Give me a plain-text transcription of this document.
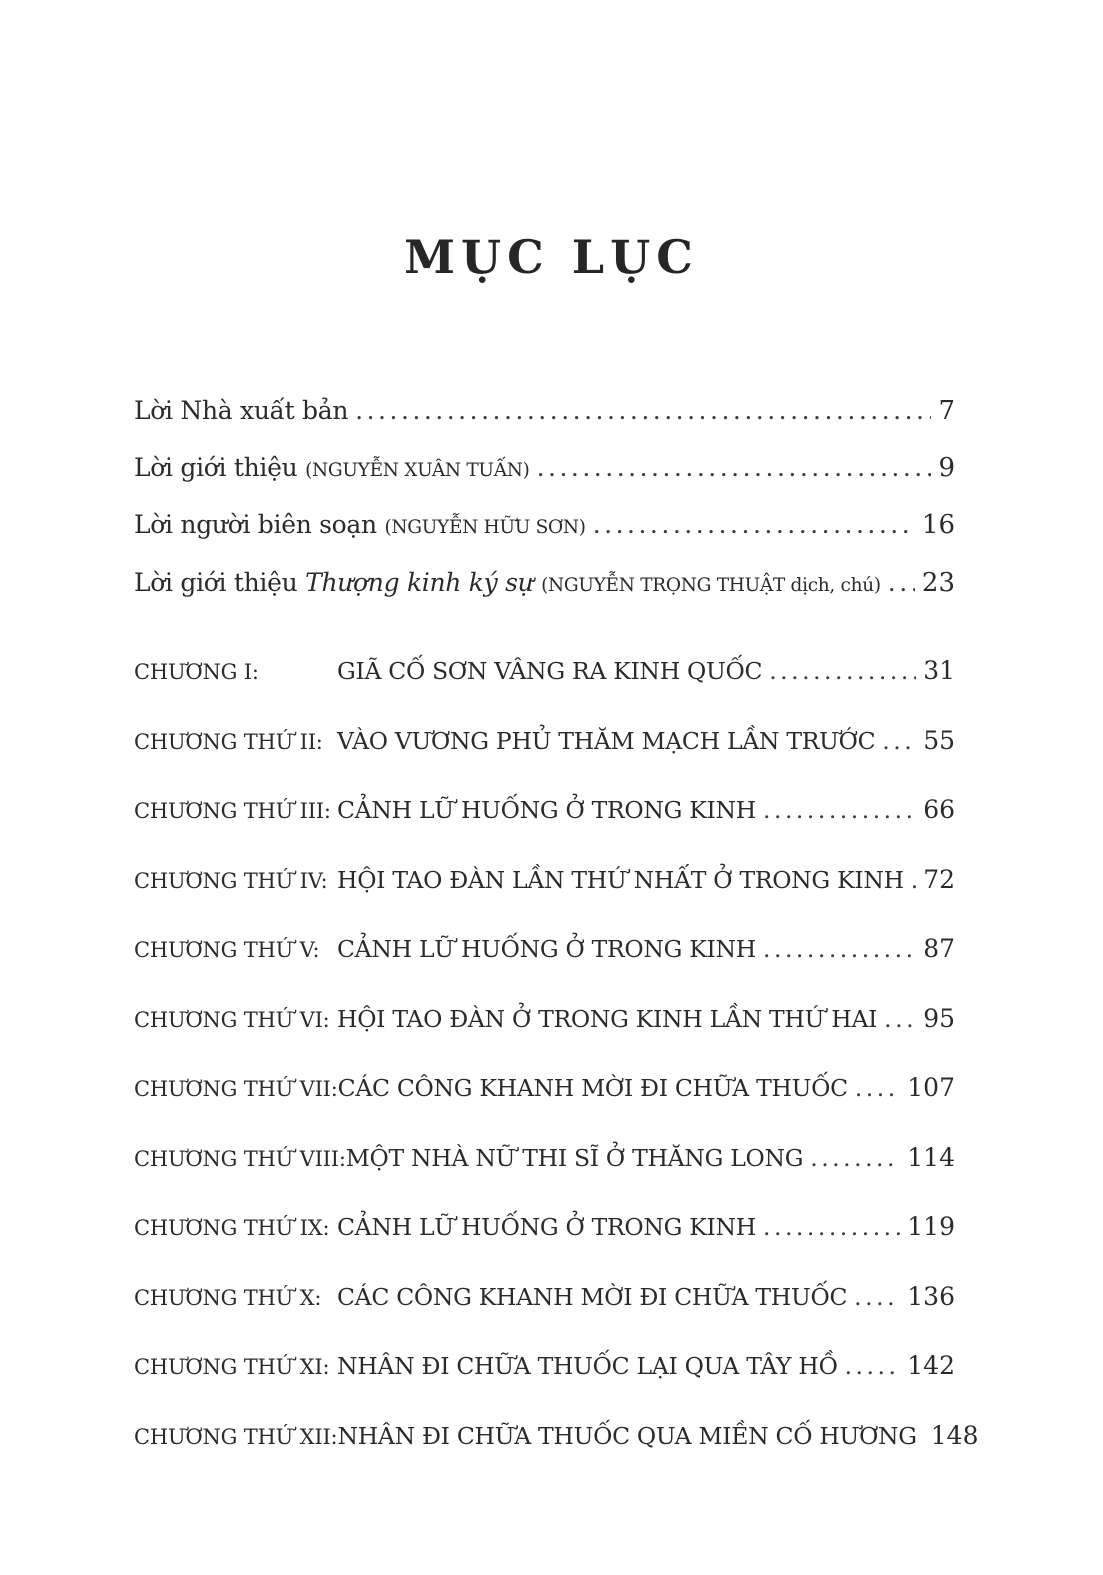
MỤC LỤC
Lời Nhà xuất bản .....	7
Lời giới thiệu (NGUYỄN XUÂN TUẤN) .....	9
Lời người biên soạn (NGUYỄN HỮU SƠN) .....	16
Lời giới thiệu Thượng kinh ký sự (NGUYỄN TRỌNG THUẬT dịch, chú) ..... 23
CHƯƠNG I:	GIÃ CỐ SƠN VÂNG RA KINH QUỐC .....	31
CHƯƠNG THỨ II: VÀO VƯƠNG PHỦ THĂM MẠCH LẦN TRƯỚC ..... 55
CHƯƠNG THỨ III: CẢNH LỮ HUỐNG Ở TRONG KINH .....	66
CHƯƠNG THỨ IV: HỘI TAO ĐÀN LẦN THỨ NHẤT Ở TRONG KINH ..... 72
CHƯƠNG THỨ V: CẢNH LỮ HUỐNG Ở TRONG KINH .....	87
CHƯƠNG THỨ VI: HỘI TAO ĐÀN Ở TRONG KINH LẦN THỨ HAI ..... 95
CHƯƠNG THỨ VII: CÁC CÔNG KHANH MỜI ĐI CHỮA THUỐC ..... 107
CHƯƠNG THỨ VIII: MỘT NHÀ NỮ THI SĨ Ở THĂNG LONG .....	114
CHƯƠNG THỨ IX: CẢNH LỮ HUỐNG Ở TRONG KINH .....	119
CHƯƠNG THỨ X: CÁC CÔNG KHANH MỜI ĐI CHỮA THUỐC ..... 136
CHƯƠNG THỨ XI: NHÂN ĐI CHỮA THUỐC LẠI QUA TÂY HỒ .....	142
CHƯƠNG THỨ XII: NHÂN ĐI CHỮA THUỐC QUA MIỀN CỐ HƯƠNG 148
